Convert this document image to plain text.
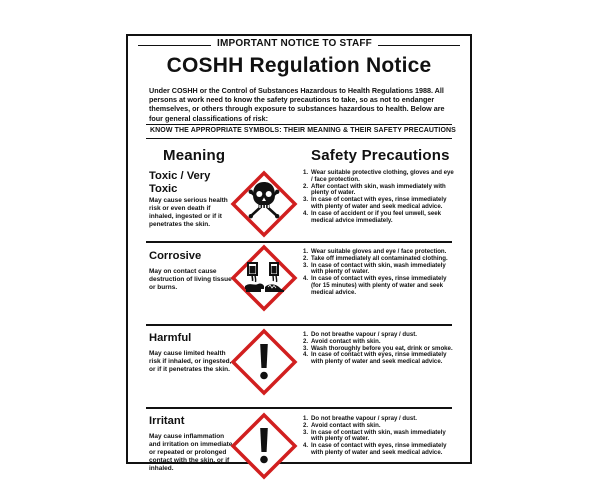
IMPORTANT NOTICE TO STAFF
COSHH Regulation Notice
Under COSHH or the Control of Substances Hazardous to Health Regulations 1988. All persons at work need to know the safety precautions to take, so as not to endanger themselves, or others through exposure to substances hazardous to health. Below are four general classifications of risk:
KNOW THE APPROPRIATE SYMBOLS: THEIR MEANING & THEIR SAFETY PRECAUTIONS
Meaning	Safety Precautions
Toxic / Very Toxic
May cause serious health risk or even death if inhaled, ingested or if it penetrates the skin.
1. Wear suitable protective clothing, gloves and eye / face protection.
2. After contact with skin, wash immediately with plenty of water.
3. In case of contact with eyes, rinse immediately with plenty of water and seek medical advice.
4. In case of accident or if you feel unwell, seek medical advice immediately.
Corrosive
May on contact cause destruction of living tissue or burns.
1. Wear suitable gloves and eye / face protection.
2. Take off immediately all contaminated clothing.
3. In case of contact with skin, wash immediately with plenty of water.
4. In case of contact with eyes, rinse immediately (for 15 minutes) with plenty of water and seek medical advice.
Harmful
May cause limited health risk if inhaled, or ingested, or if it penetrates the skin.
1. Do not breathe vapour / spray / dust.
2. Avoid contact with skin.
3. Wash thoroughly before you eat, drink or smoke.
4. In case of contact with eyes, rinse immediately with plenty of water and seek medical advice.
Irritant
May cause inflammation and irritation on immediate or repeated or prolonged contact with the skin, or if inhaled.
1. Do not breathe vapour / spray / dust.
2. Avoid contact with skin.
3. In case of contact with skin, wash immediately with plenty of water.
4. In case of contact with eyes, rinse immediately with plenty of water and seek medical advice.
